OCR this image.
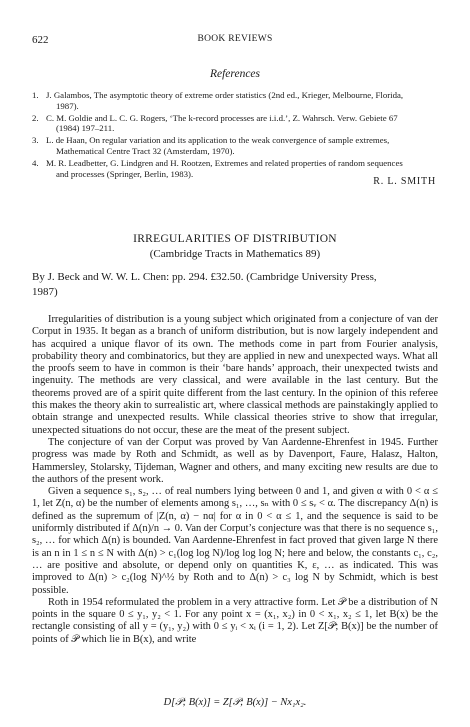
622	BOOK REVIEWS
References
1. J. Galambos, The asymptotic theory of extreme order statistics (2nd ed., Krieger, Melbourne, Florida,
1987).
2. C. M. Goldie and L. C. G. Rogers, ‘The k-record processes are i.i.d.’, Z. Wahrsch. Verw. Gebiete 67
(1984) 197–211.
3. L. de Haan, On regular variation and its application to the weak convergence of sample extremes,
Mathematical Centre Tract 32 (Amsterdam, 1970).
4. M. R. Leadbetter, G. Lindgren and H. Rootzen, Extremes and related properties of random sequences
and processes (Springer, Berlin, 1983).
R. L. SMITH
IRREGULARITIES OF DISTRIBUTION
(Cambridge Tracts in Mathematics 89)
By J. Beck and W. W. L. Chen: pp. 294. £32.50. (Cambridge University Press,
1987)

Irregularities of distribution is a young subject which originated from a conjecture of van der Corput in 1935. It began as a branch of uniform distribution, but is now largely independent and has acquired a unique flavor of its own. The methods come in part from Fourier analysis, probability theory and combinatorics, but they are applied in new and unexpected ways. What all the proofs seem to have in common is their ‘bare hands’ approach, their unexpected twists and ingenuity. The methods are very classical, and were available in the last century. But the theorems proved are of a spirit quite different from the last century. In the opinion of this referee this makes the theory akin to surrealistic art, where classical methods are painstakingly applied to obtain strange and unexpected results. While classical theories strive to show that irregular, unexpected situations do not occur, these are the meat of the present subject.

The conjecture of van der Corput was proved by Van Aardenne-Ehrenfest in 1945. Further progress was made by Roth and Schmidt, as well as by Davenport, Faure, Halasz, Halton, Hammersley, Stolarsky, Tijdeman, Wagner and others, and many exciting new results are due to the authors of the present work.

Given a sequence s₁, s₂, … of real numbers lying between 0 and 1, and given α with 0 < α ≤ 1, let Z(n, α) be the number of elements among s₁, …, sₙ with 0 ≤ sᵥ < α. The discrepancy Δ(n) is defined as the supremum of |Z(n, α) − nα| for α in 0 < α ≤ 1, and the sequence is said to be uniformly distributed if Δ(n)/n → 0. Van der Corput’s conjecture was that there is no sequence s₁, s₂, … for which Δ(n) is bounded. Van Aardenne-Ehrenfest in fact proved that given large N there is an n in 1 ≤ n ≤ N with Δ(n) > c₁(log log N)/log log log N; here and below, the constants c₁, c₂, … are positive and absolute, or depend only on quantities K, ε, … as indicated. This was improved to Δ(n) > c₂(log N)^½ by Roth and to Δ(n) > c₃ log N by Schmidt, which is best possible.

Roth in 1954 reformulated the problem in a very attractive form. Let 𝒫 be a distribution of N points in the square 0 ≤ y₁, y₂ < 1. For any point x = (x₁, x₂) in 0 < x₁, x₂ ≤ 1, let B(x) be the rectangle consisting of all y = (y₁, y₂) with 0 ≤ yᵢ < xᵢ (i = 1, 2). Let Z[𝒫; B(x)] be the number of points of 𝒫 which lie in B(x), and write

D[𝒫; B(x)] = Z[𝒫; B(x)] − Nx₁x₂.
